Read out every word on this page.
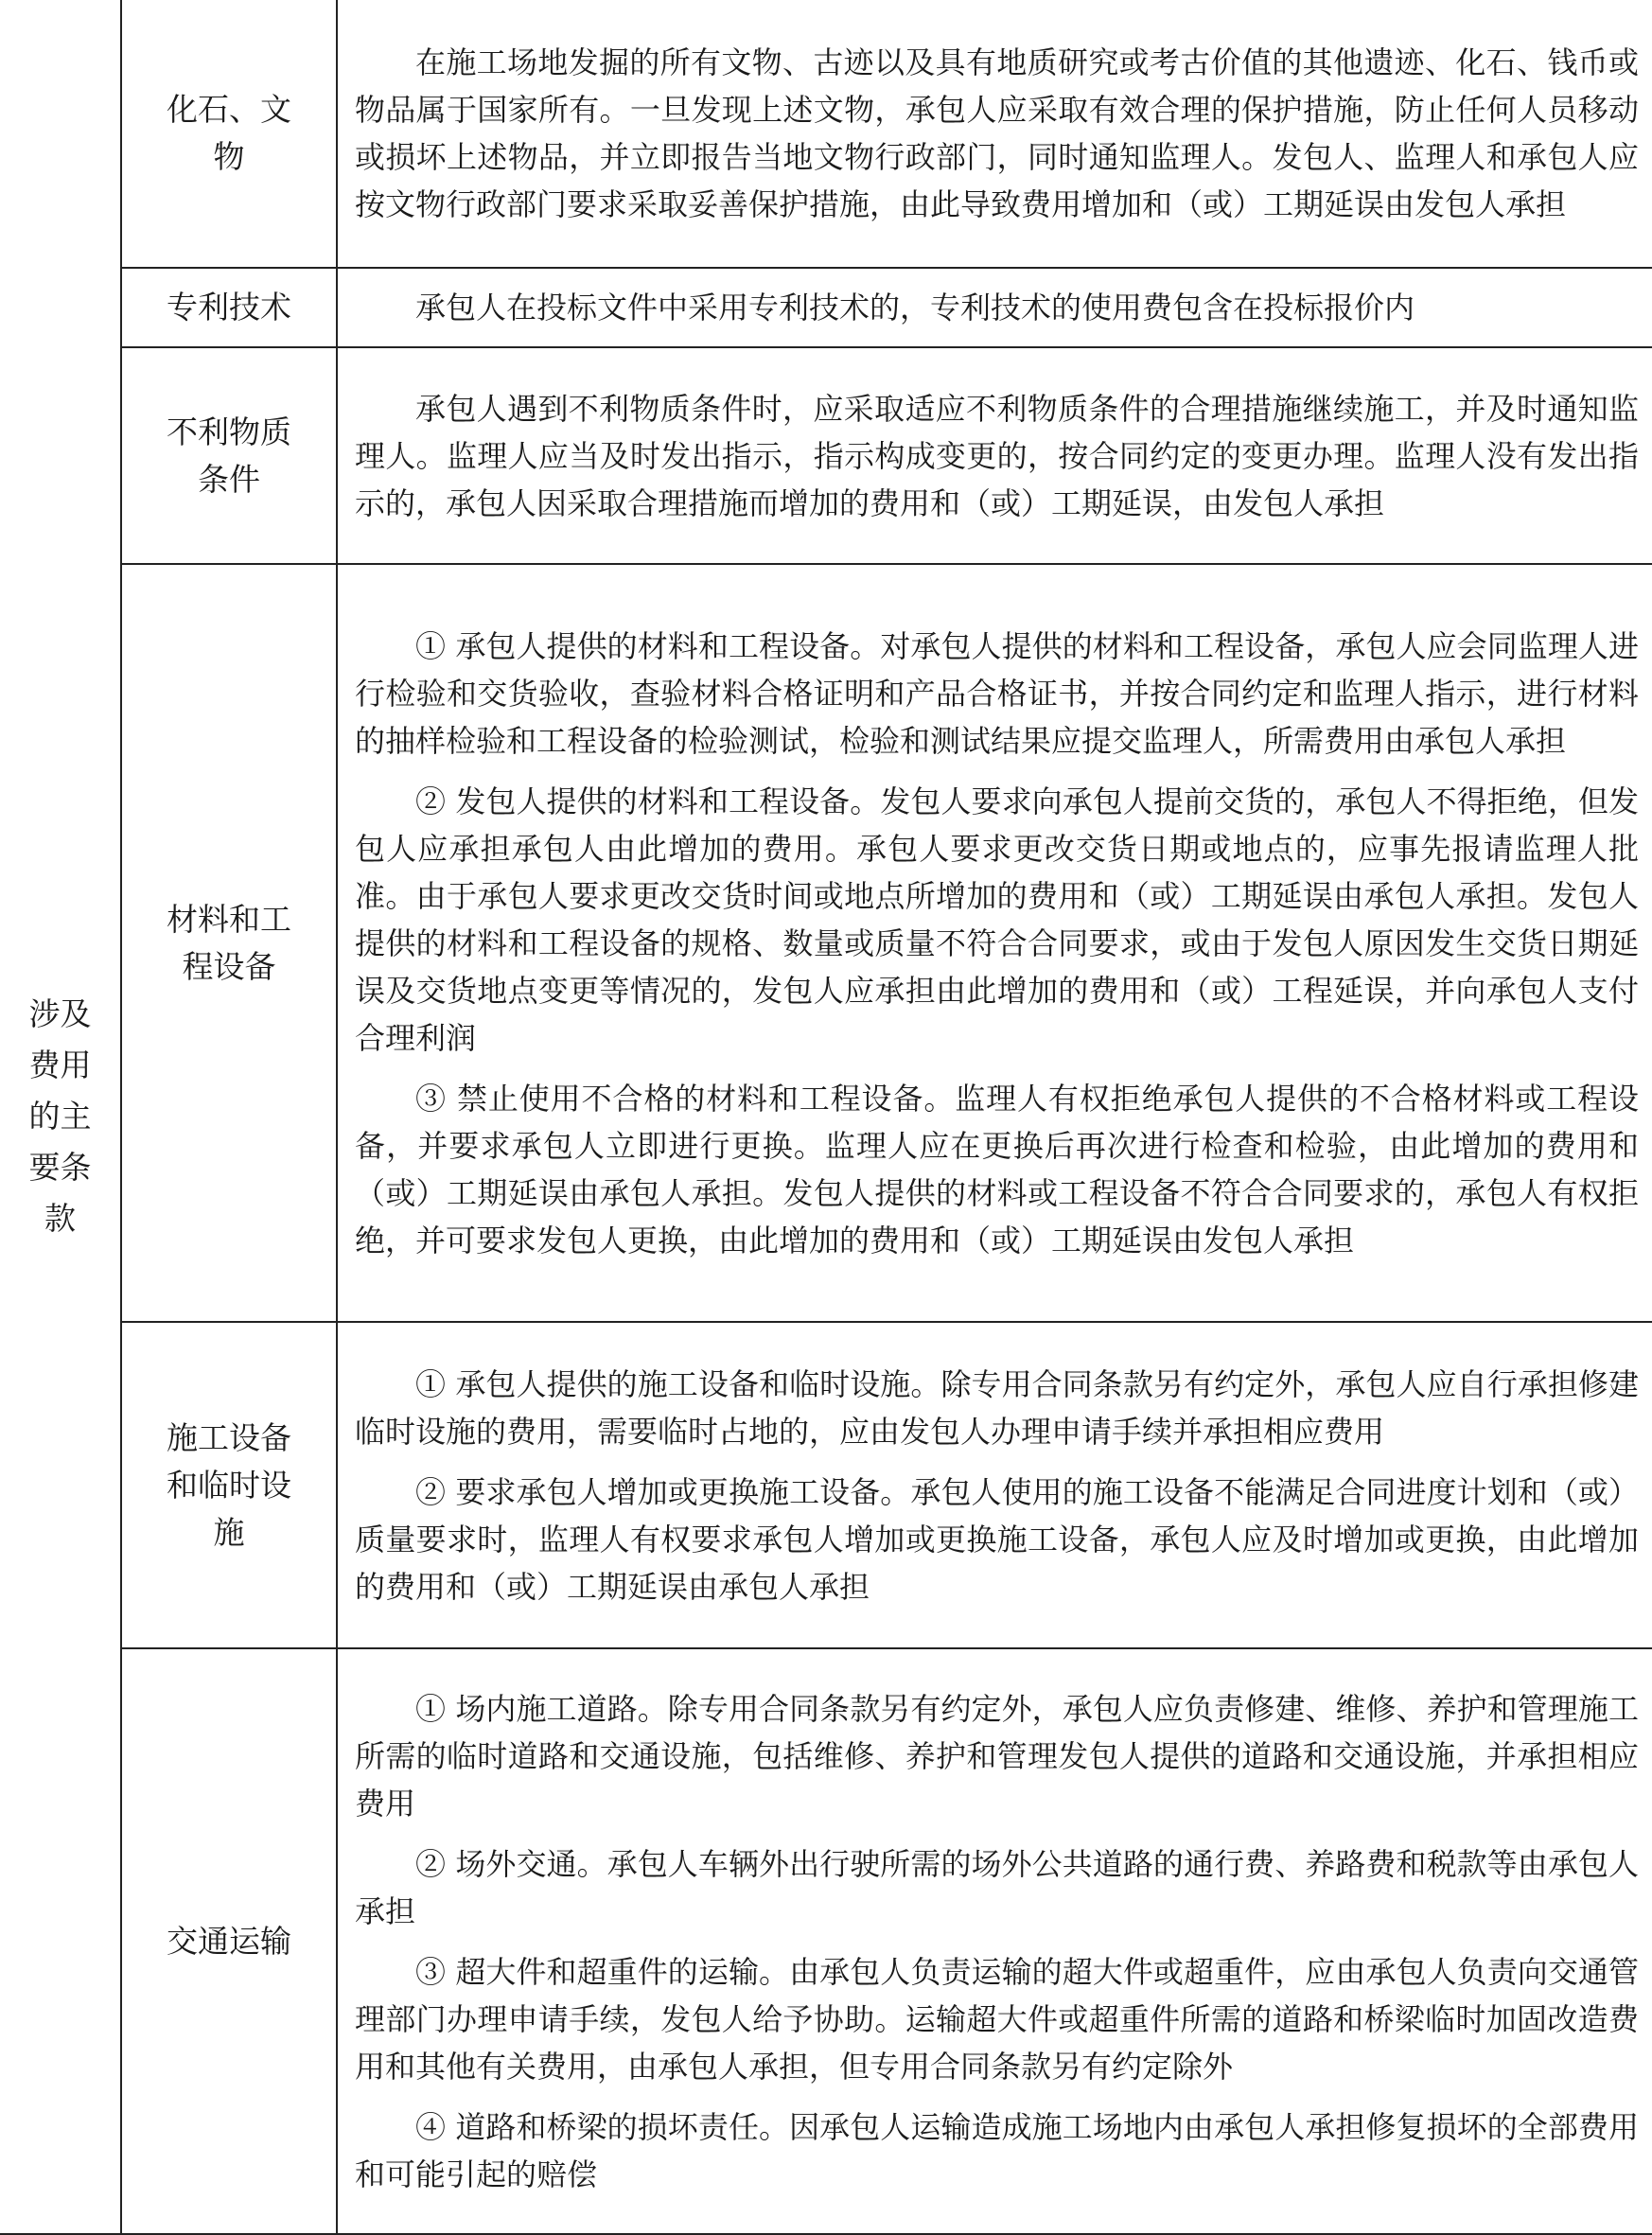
涉及费用的主要条款	化石、文物	在施工场地发掘的所有文物、古迹以及具有地质研究或考古价值的其他遗迹、化石、钱币或物品属于国家所有。一旦发现上述文物，承包人应采取有效合理的保护措施，防止任何人员移动或损坏上述物品，并立即报告当地文物行政部门，同时通知监理人。发包人、监理人和承包人应按文物行政部门要求采取妥善保护措施，由此导致费用增加和（或）工期延误由发包人承担

	专利技术	承包人在投标文件中采用专利技术的，专利技术的使用费包含在投标报价内

	不利物质条件	承包人遇到不利物质条件时，应采取适应不利物质条件的合理措施继续施工，并及时通知监理人。监理人应当及时发出指示，指示构成变更的，按合同约定的变更办理。监理人没有发出指示的，承包人因采取合理措施而增加的费用和（或）工期延误，由发包人承担

	材料和工程设备	① 承包人提供的材料和工程设备。对承包人提供的材料和工程设备，承包人应会同监理人进行检验和交货验收，查验材料合格证明和产品合格证书，并按合同约定和监理人指示，进行材料的抽样检验和工程设备的检验测试，检验和测试结果应提交监理人，所需费用由承包人承担

② 发包人提供的材料和工程设备。发包人要求向承包人提前交货的，承包人不得拒绝，但发包人应承担承包人由此增加的费用。承包人要求更改交货日期或地点的，应事先报请监理人批准。由于承包人要求更改交货时间或地点所增加的费用和（或）工期延误由承包人承担。发包人提供的材料和工程设备的规格、数量或质量不符合合同要求，或由于发包人原因发生交货日期延误及交货地点变更等情况的，发包人应承担由此增加的费用和（或）工程延误，并向承包人支付合理利润

③ 禁止使用不合格的材料和工程设备。监理人有权拒绝承包人提供的不合格材料或工程设备，并要求承包人立即进行更换。监理人应在更换后再次进行检查和检验，由此增加的费用和（或）工期延误由承包人承担。发包人提供的材料或工程设备不符合合同要求的，承包人有权拒绝，并可要求发包人更换，由此增加的费用和（或）工期延误由发包人承担

	施工设备和临时设施	① 承包人提供的施工设备和临时设施。除专用合同条款另有约定外，承包人应自行承担修建临时设施的费用，需要临时占地的，应由发包人办理申请手续并承担相应费用

② 要求承包人增加或更换施工设备。承包人使用的施工设备不能满足合同进度计划和（或）质量要求时，监理人有权要求承包人增加或更换施工设备，承包人应及时增加或更换，由此增加的费用和（或）工期延误由承包人承担

	交通运输	① 场内施工道路。除专用合同条款另有约定外，承包人应负责修建、维修、养护和管理施工所需的临时道路和交通设施，包括维修、养护和管理发包人提供的道路和交通设施，并承担相应费用

② 场外交通。承包人车辆外出行驶所需的场外公共道路的通行费、养路费和税款等由承包人承担

③ 超大件和超重件的运输。由承包人负责运输的超大件或超重件，应由承包人负责向交通管理部门办理申请手续，发包人给予协助。运输超大件或超重件所需的道路和桥梁临时加固改造费用和其他有关费用，由承包人承担，但专用合同条款另有约定除外

④ 道路和桥梁的损坏责任。因承包人运输造成施工场地内由承包人承担修复损坏的全部费用和可能引起的赔偿
